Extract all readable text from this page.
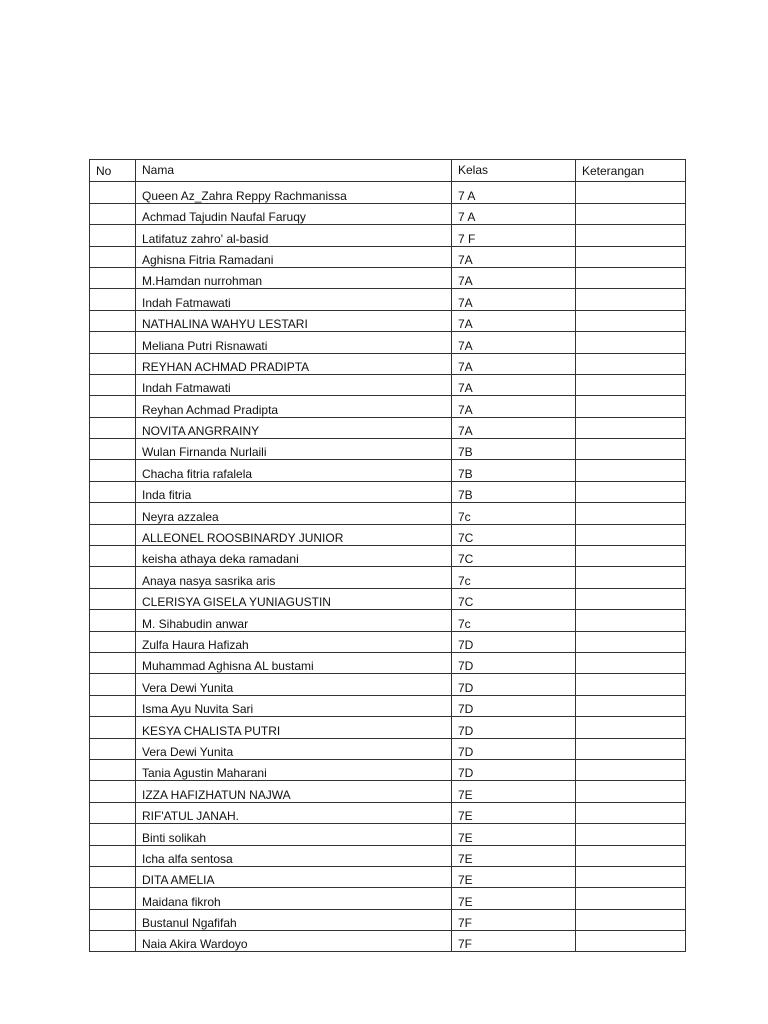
No	Nama	Kelas	Keterangan
	Queen Az_Zahra Reppy Rachmanissa	7 A	
	Achmad Tajudin Naufal Faruqy	7 A	
	Latifatuz zahro' al-basid	7 F	
	Aghisna Fitria Ramadani	7A	
	M.Hamdan nurrohman	7A	
	Indah Fatmawati	7A	
	NATHALINA WAHYU LESTARI	7A	
	Meliana Putri Risnawati	7A	
	REYHAN ACHMAD PRADIPTA	7A	
	Indah Fatmawati	7A	
	Reyhan Achmad Pradipta	7A	
	NOVITA ANGRRAINY	7A	
	Wulan Firnanda Nurlaili	7B	
	Chacha fitria rafalela	7B	
	Inda fitria	7B	
	Neyra azzalea	7c	
	ALLEONEL ROOSBINARDY JUNIOR	7C	
	keisha athaya deka ramadani	7C	
	Anaya nasya sasrika aris	7c	
	CLERISYA GISELA YUNIAGUSTIN	7C	
	M. Sihabudin anwar	7c	
	Zulfa Haura Hafizah	7D	
	Muhammad Aghisna AL bustami	7D	
	Vera Dewi Yunita	7D	
	Isma Ayu Nuvita Sari	7D	
	KESYA CHALISTA PUTRI	7D	
	Vera Dewi Yunita	7D	
	Tania Agustin Maharani	7D	
	IZZA HAFIZHATUN NAJWA	7E	
	RIF'ATUL JANAH.	7E	
	Binti solikah	7E	
	Icha alfa sentosa	7E	
	DITA AMELIA	7E	
	Maidana fikroh	7E	
	Bustanul Ngafifah	7F	
	Naia Akira Wardoyo	7F	
